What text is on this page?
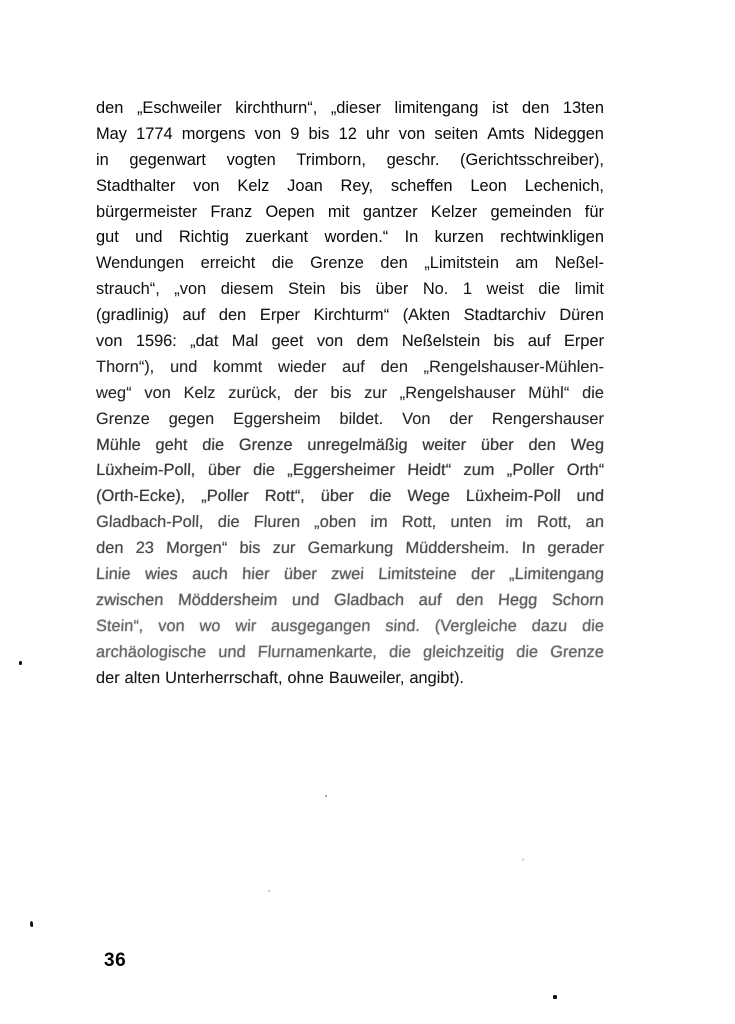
den „Eschweiler kirchthurn“, „dieser limitengang ist den 13ten
May 1774 morgens von 9 bis 12 uhr von seiten Amts Nideggen
in gegenwart vogten Trimborn, geschr. (Gerichtsschreiber),
Stadthalter von Kelz Joan Rey, scheffen Leon Lechenich,
bürgermeister Franz Oepen mit gantzer Kelzer gemeinden für
gut und Richtig zuerkant worden.“ In kurzen rechtwinkligen
Wendungen erreicht die Grenze den „Limitstein am Neßel-
strauch“, „von diesem Stein bis über No. 1 weist die limit
(gradlinig) auf den Erper Kirchturm“ (Akten Stadtarchiv Düren
von 1596: „dat Mal geet von dem Neßelstein bis auf Erper
Thorn“), und kommt wieder auf den „Rengelshauser-Mühlen-
weg“ von Kelz zurück, der bis zur „Rengelshauser Mühl“ die
Grenze gegen Eggersheim bildet. Von der Rengershauser
Mühle geht die Grenze unregelmäßig weiter über den Weg
Lüxheim-Poll, über die „Eggersheimer Heidt“ zum „Poller Orth“
(Orth-Ecke), „Poller Rott“, über die Wege Lüxheim-Poll und
Gladbach-Poll, die Fluren „oben im Rott, unten im Rott, an
den 23 Morgen“ bis zur Gemarkung Müddersheim. In gerader
Linie wies auch hier über zwei Limitsteine der „Limitengang
zwischen Möddersheim und Gladbach auf den Hegg Schorn
Stein“, von wo wir ausgegangen sind. (Vergleiche dazu die
archäologische und Flurnamenkarte, die gleichzeitig die Grenze
der alten Unterherrschaft, ohne Bauweiler, angibt).
36
